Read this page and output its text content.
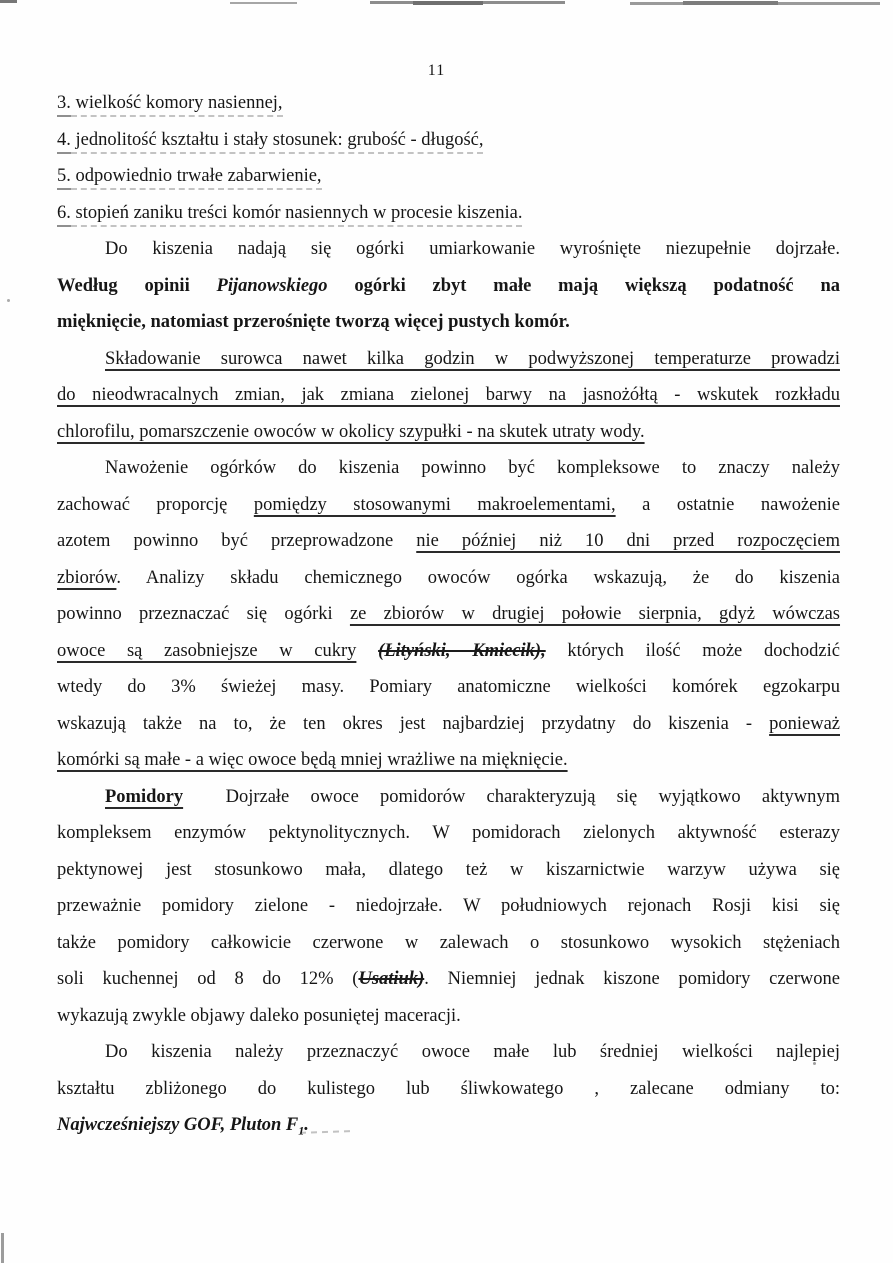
11
3. wielkość komory nasiennej,
4. jednolitość kształtu i stały stosunek: grubość - długość,
5. odpowiednio trwałe zabarwienie,
6. stopień zaniku treści komór nasiennych w procesie kiszenia.
Do kiszenia nadają się ogórki umiarkowanie wyrośnięte niezupełnie dojrzałe.
Według opinii Pijanowskiego ogórki zbyt małe mają większą podatność na
mięknięcie, natomiast przerośnięte tworzą więcej pustych komór.
Składowanie surowca nawet kilka godzin w podwyższonej temperaturze prowadzi
do nieodwracalnych zmian, jak zmiana zielonej barwy na jasnożółtą - wskutek rozkładu
chlorofilu, pomarszczenie owoców w okolicy szypułki - na skutek utraty wody.
Nawożenie ogórków do kiszenia powinno być kompleksowe to znaczy należy
zachować proporcję pomiędzy stosowanymi makroelementami, a ostatnie nawożenie
azotem powinno być przeprowadzone nie później niż 10 dni przed rozpoczęciem
zbiorów. Analizy składu chemicznego owoców ogórka wskazują, że do kiszenia
powinno przeznaczać się ogórki ze zbiorów w drugiej połowie sierpnia, gdyż wówczas
owoce są zasobniejsze w cukry (Łityński, Kmiecik), których ilość może dochodzić
wtedy do 3% świeżej masy. Pomiary anatomiczne wielkości komórek egzokarpu
wskazują także na to, że ten okres jest najbardziej przydatny do kiszenia - ponieważ
komórki są małe - a więc owoce będą mniej wrażliwe na mięknięcie.
Pomidory  Dojrzałe owoce pomidorów charakteryzują się wyjątkowo aktywnym
kompleksem enzymów pektynolitycznych. W pomidorach zielonych aktywność esterazy
pektynowej jest stosunkowo mała, dlatego też w kiszarnictwie warzyw używa się
przeważnie pomidory zielone - niedojrzałe. W południowych rejonach Rosji kisi się
także pomidory całkowicie czerwone w zalewach o stosunkowo wysokich stężeniach
soli kuchennej od 8 do 12% (Usatiuk). Niemniej jednak kiszone pomidory czerwone
wykazują zwykle objawy daleko posuniętej maceracji.
Do kiszenia należy przeznaczyć owoce małe lub średniej wielkości najlepiej
kształtu zbliżonego do kulistego lub śliwkowatego , zalecane odmiany to:
Najwcześniejszy GOF, Pluton $F_1$.
